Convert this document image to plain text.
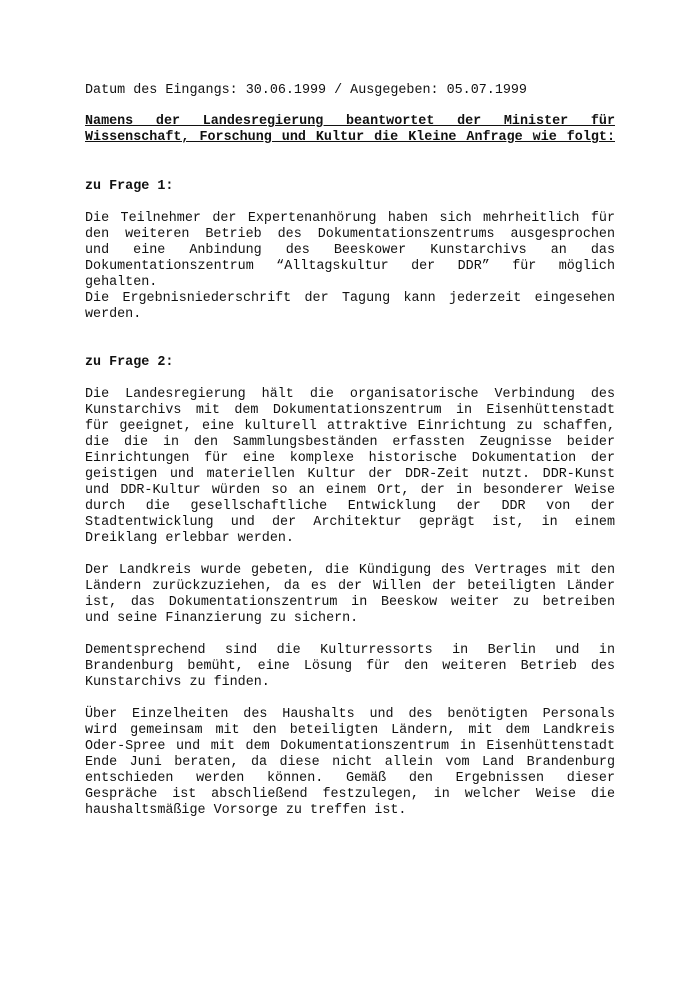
Datum des Eingangs: 30.06.1999 / Ausgegeben: 05.07.1999

Namens der Landesregierung beantwortet der Minister für
Wissenschaft, Forschung und Kultur die Kleine Anfrage wie folgt:

zu Frage 1:

Die Teilnehmer der Expertenanhörung haben sich mehrheitlich für
den weiteren Betrieb des Dokumentationszentrums ausgesprochen
und eine Anbindung des Beeskower Kunstarchivs an das
Dokumentationszentrum “Alltagskultur der DDR” für möglich
gehalten.
Die Ergebnisniederschrift der Tagung kann jederzeit eingesehen
werden.

zu Frage 2:

Die Landesregierung hält die organisatorische Verbindung des
Kunstarchivs mit dem Dokumentationszentrum in Eisenhüttenstadt
für geeignet, eine kulturell attraktive Einrichtung zu schaffen,
die die in den Sammlungsbeständen erfassten Zeugnisse beider
Einrichtungen für eine komplexe historische Dokumentation der
geistigen und materiellen Kultur der DDR-Zeit nutzt. DDR-Kunst
und DDR-Kultur würden so an einem Ort, der in besonderer Weise
durch die gesellschaftliche Entwicklung der DDR von der
Stadtentwicklung und der Architektur geprägt ist, in einem
Dreiklang erlebbar werden.

Der Landkreis wurde gebeten, die Kündigung des Vertrages mit den
Ländern zurückzuziehen, da es der Willen der beteiligten Länder
ist, das Dokumentationszentrum in Beeskow weiter zu betreiben
und seine Finanzierung zu sichern.

Dementsprechend sind die Kulturressorts in Berlin und in
Brandenburg bemüht, eine Lösung für den weiteren Betrieb des
Kunstarchivs zu finden.

Über Einzelheiten des Haushalts und des benötigten Personals
wird gemeinsam mit den beteiligten Ländern, mit dem Landkreis
Oder-Spree und mit dem Dokumentationszentrum in Eisenhüttenstadt
Ende Juni beraten, da diese nicht allein vom Land Brandenburg
entschieden werden können. Gemäß den Ergebnissen dieser
Gespräche ist abschließend festzulegen, in welcher Weise die
haushaltsmäßige Vorsorge zu treffen ist.
